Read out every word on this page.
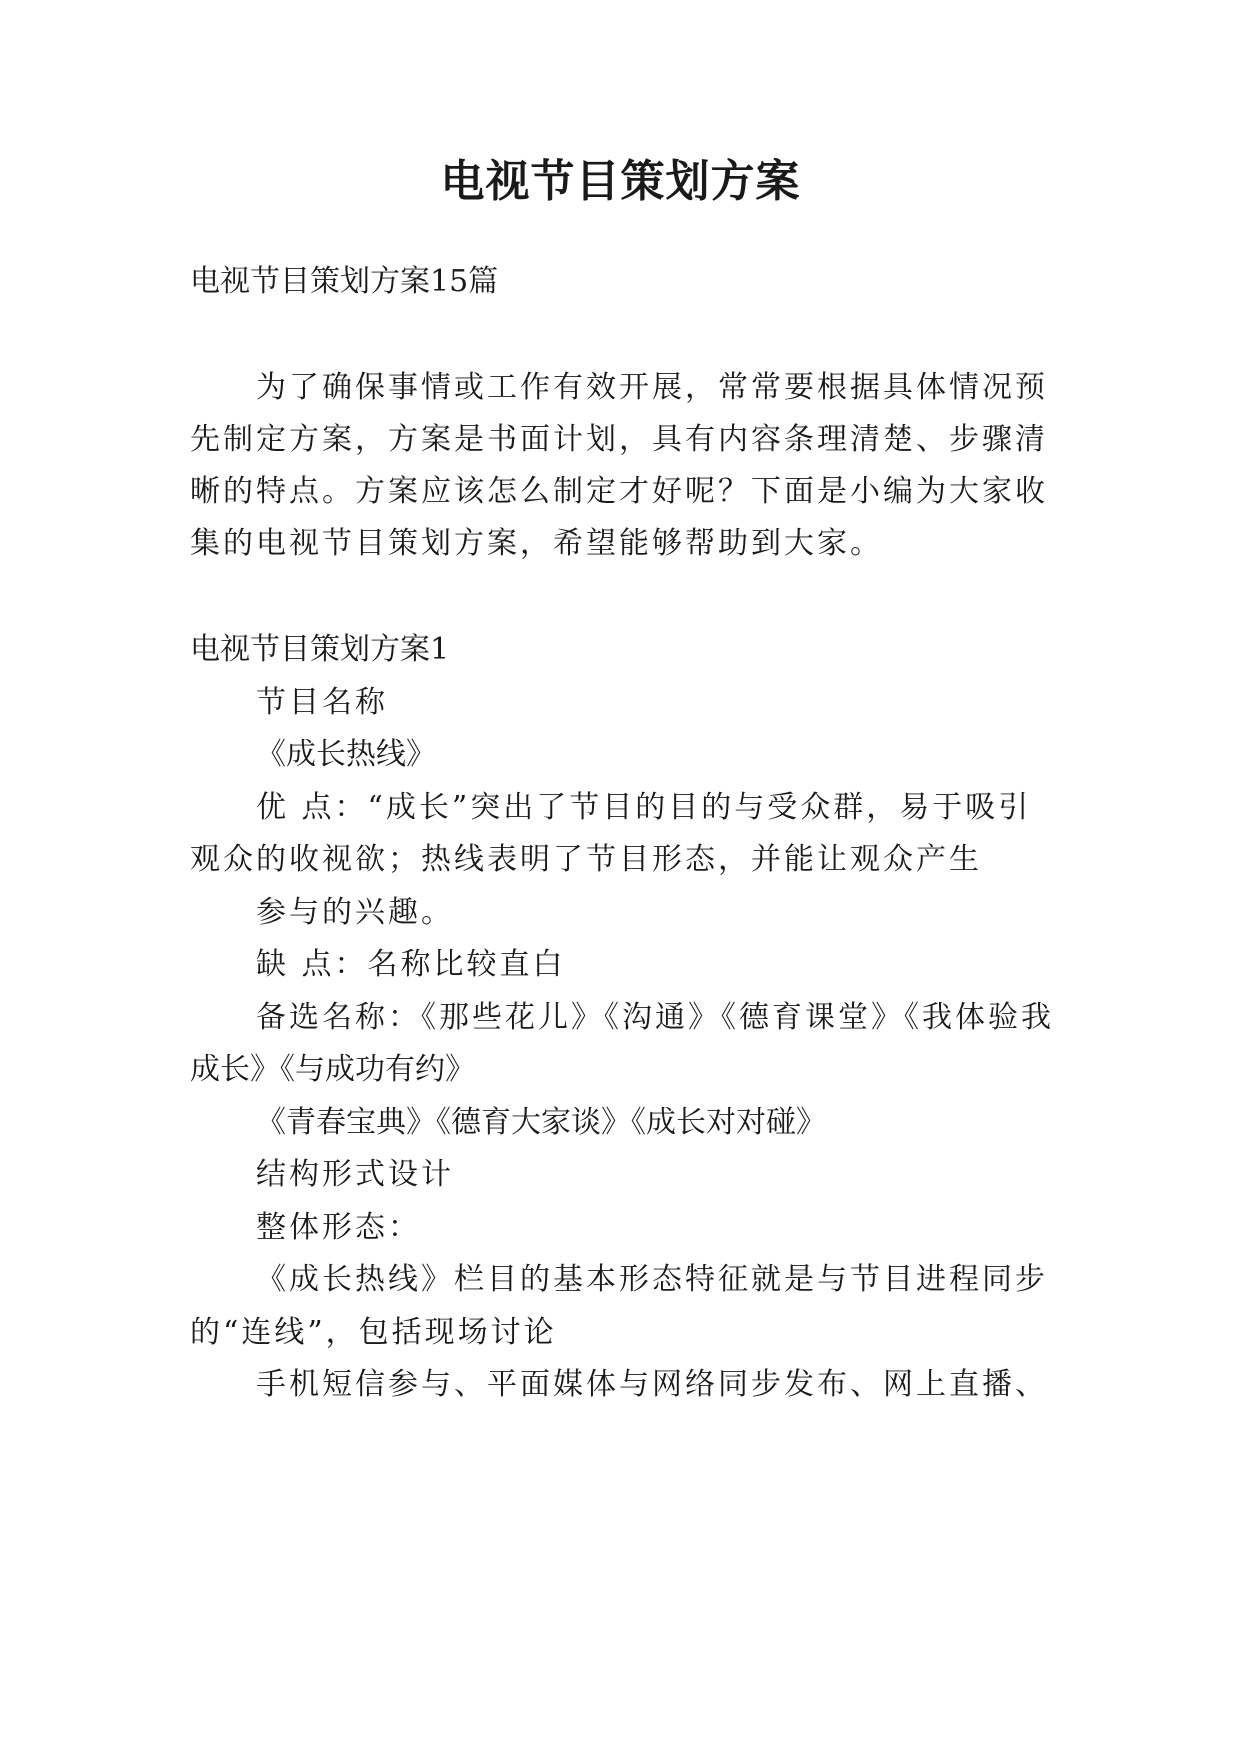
电视节目策划方案

电视节目策划方案15篇

为了确保事情或工作有效开展，常常要根据具体情况预

先制定方案，方案是书面计划，具有内容条理清楚、步骤清

晰的特点。方案应该怎么制定才好呢？下面是小编为大家收

集的电视节目策划方案，希望能够帮助到大家。

电视节目策划方案1

节目名称

《成长热线》

优 点：“成长”突出了节目的目的与受众群，易于吸引

观众的收视欲；热线表明了节目形态，并能让观众产生

参与的兴趣。

缺 点：名称比较直白

备选名称：《那些花儿》《沟通》《德育课堂》《我体验我

成长》《与成功有约》

《青春宝典》《德育大家谈》《成长对对碰》

结构形式设计

整体形态：

《成长热线》栏目的基本形态特征就是与节目进程同步

的“连线”，包括现场讨论

手机短信参与、平面媒体与网络同步发布、网上直播、
